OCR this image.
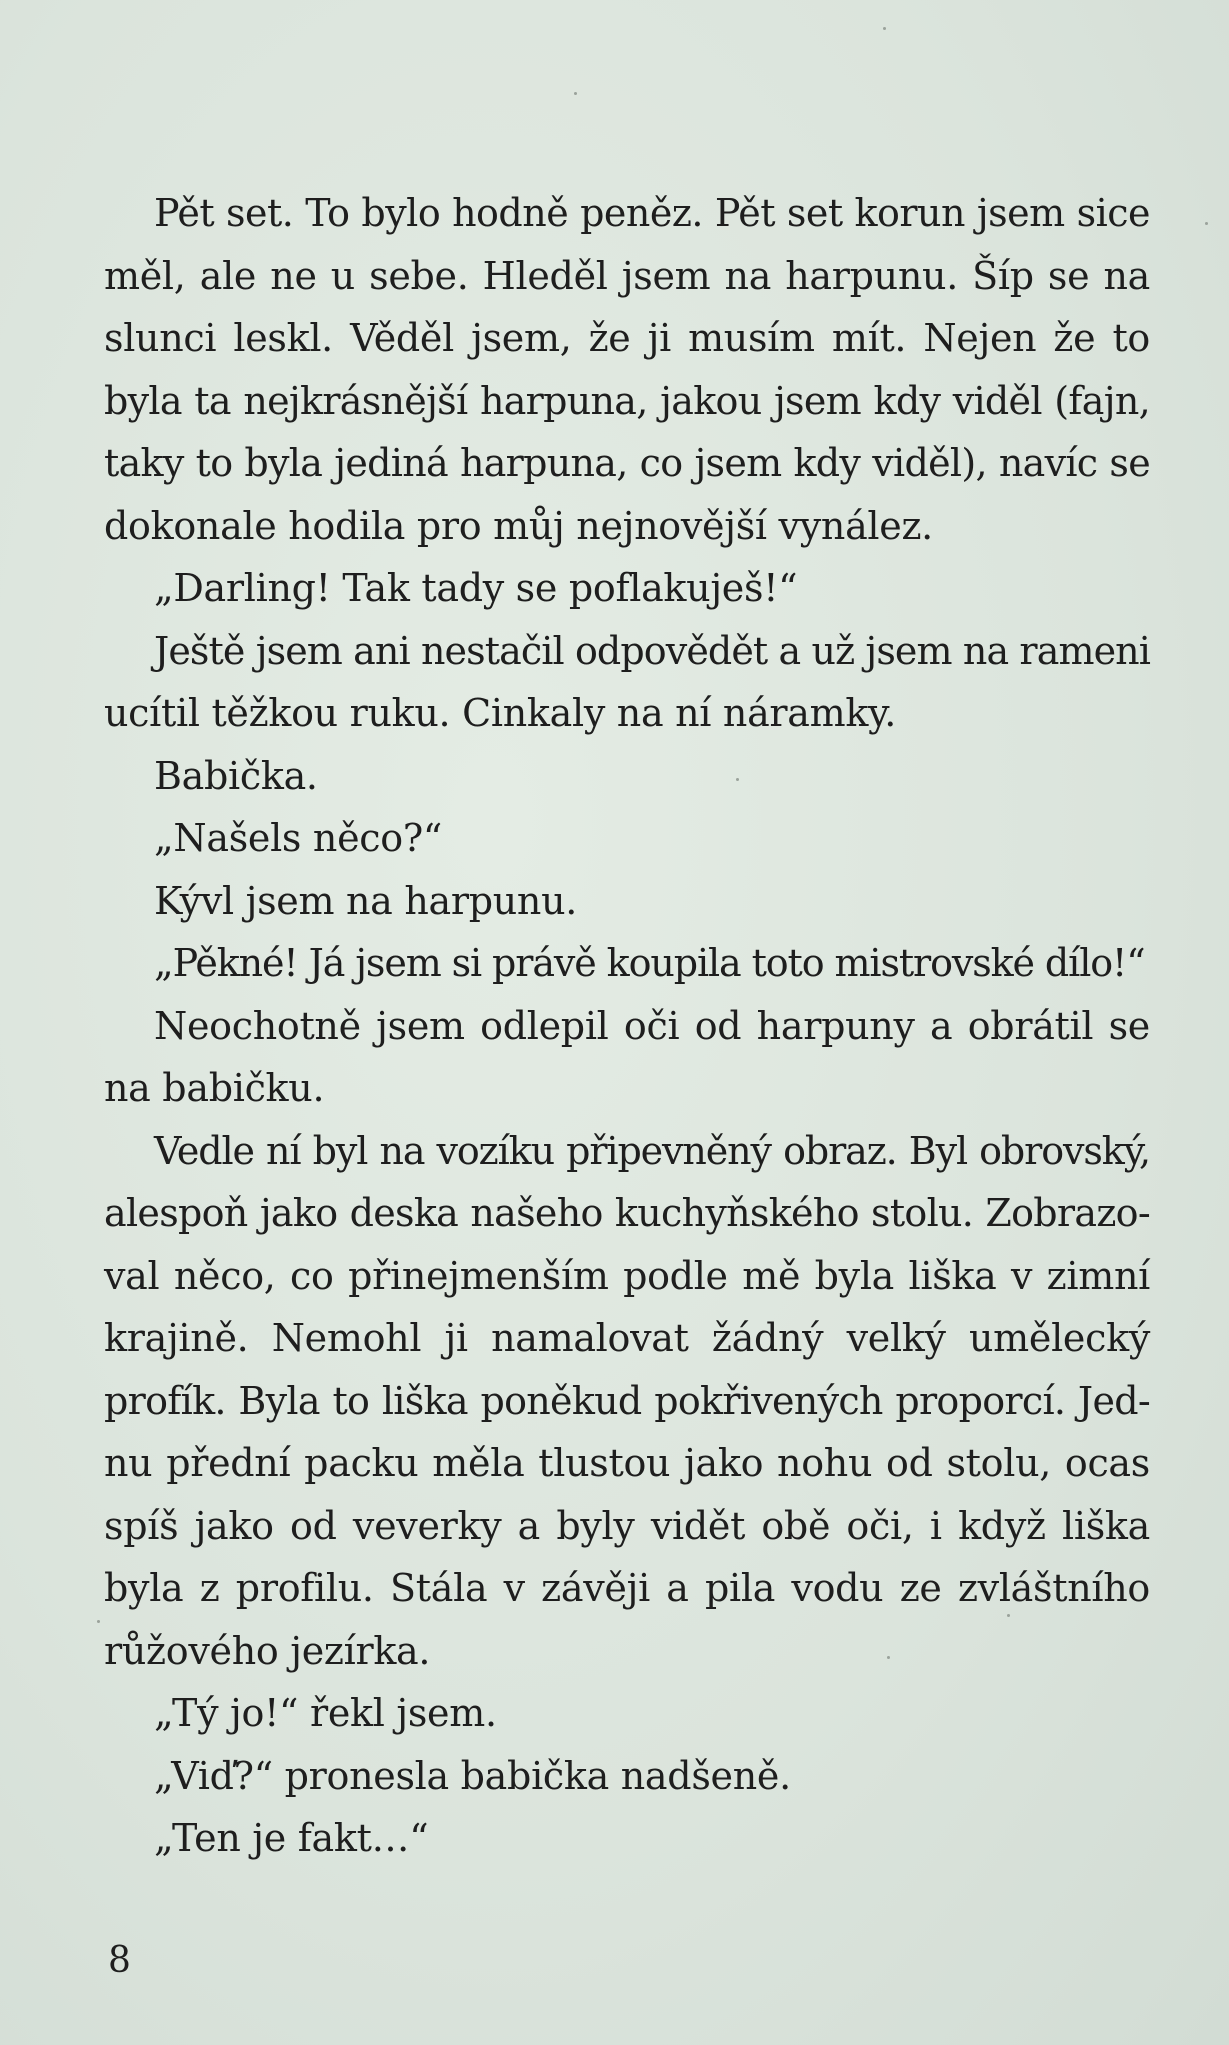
Pět set. To bylo hodně peněz. Pět set korun jsem sice
měl, ale ne u sebe. Hleděl jsem na harpunu. Šíp se na
slunci leskl. Věděl jsem, že ji musím mít. Nejen že to
byla ta nejkrásnější harpuna, jakou jsem kdy viděl (fajn,
taky to byla jediná harpuna, co jsem kdy viděl), navíc se
dokonale hodila pro můj nejnovější vynález.
„Darling! Tak tady se poflakuješ!“
Ještě jsem ani nestačil odpovědět a už jsem na rameni
ucítil těžkou ruku. Cinkaly na ní náramky.
Babička.
„Našels něco?“
Kývl jsem na harpunu.
„Pěkné! Já jsem si právě koupila toto mistrovské dílo!“
Neochotně jsem odlepil oči od harpuny a obrátil se
na babičku.
Vedle ní byl na vozíku připevněný obraz. Byl obrovský,
alespoň jako deska našeho kuchyňského stolu. Zobrazo-
val něco, co přinejmenším podle mě byla liška v zimní
krajině. Nemohl ji namalovat žádný velký umělecký
profík. Byla to liška poněkud pokřivených proporcí. Jed-
nu přední packu měla tlustou jako nohu od stolu, ocas
spíš jako od veverky a byly vidět obě oči, i když liška
byla z profilu. Stála v závěji a pila vodu ze zvláštního
růžového jezírka.
„Tý jo!“ řekl jsem.
„Viď?“ pronesla babička nadšeně.
„Ten je fakt…“
8
